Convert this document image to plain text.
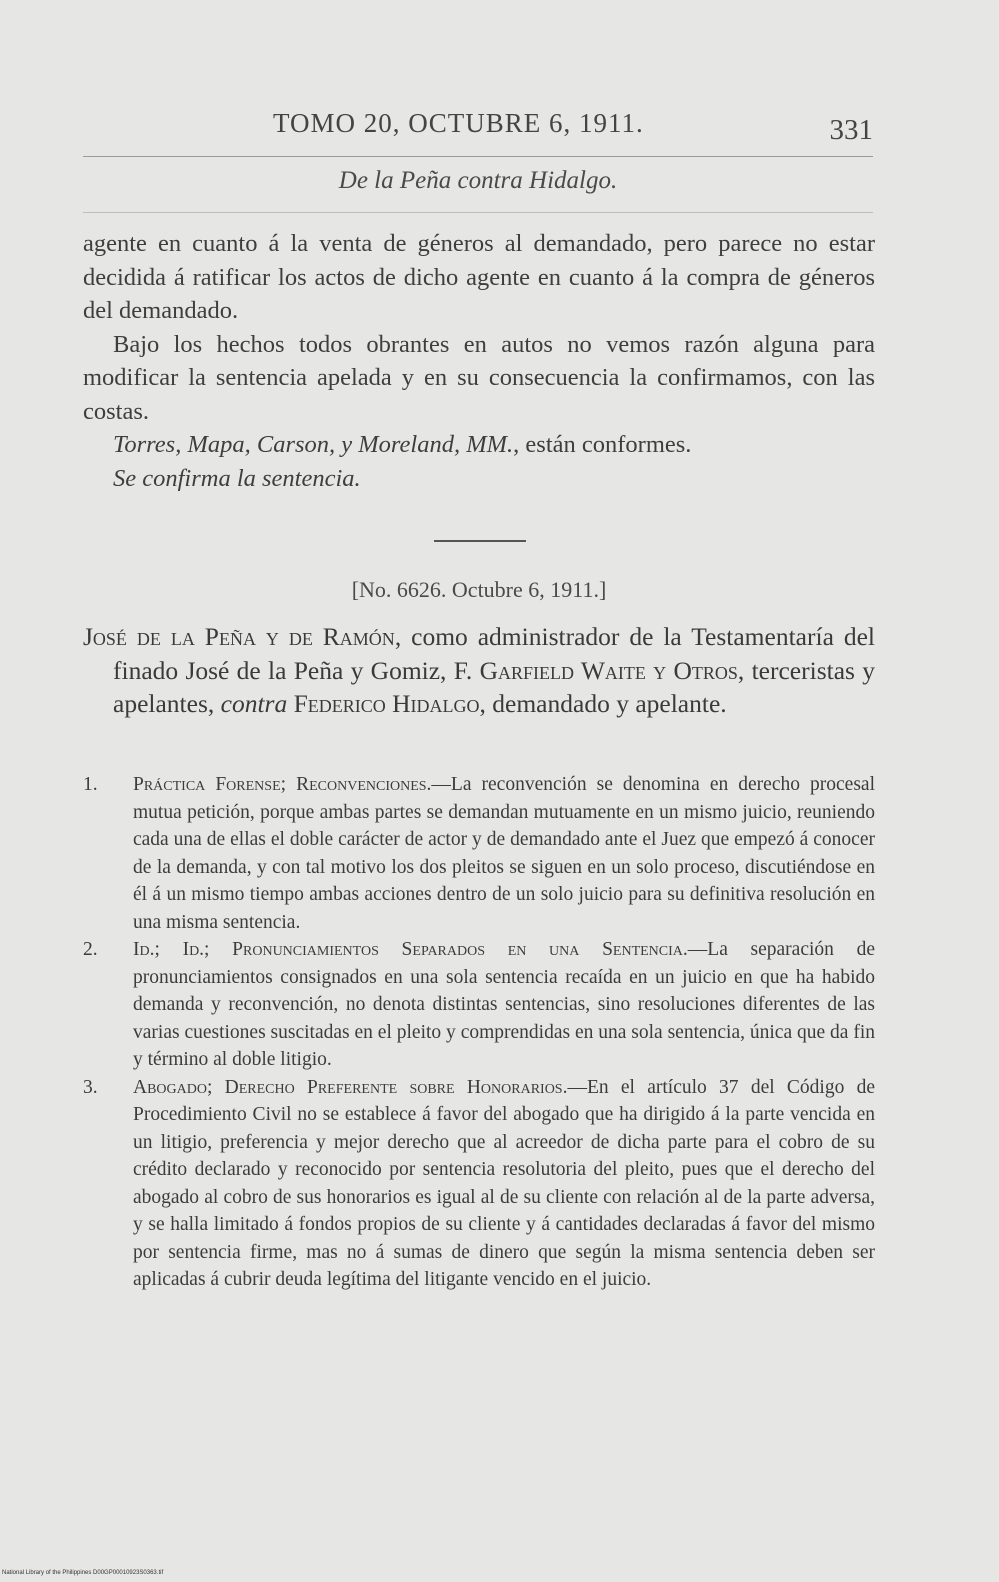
TOMO 20, OCTUBRE 6, 1911.	331
De la Peña contra Hidalgo.

agente en cuanto á la venta de géneros al demandado, pero parece no estar decidida á ratificar los actos de dicho agente en cuanto á la compra de géneros del demandado.

Bajo los hechos todos obrantes en autos no vemos razón alguna para modificar la sentencia apelada y en su consecuencia la confirmamos, con las costas.

Torres, Mapa, Carson, y Moreland, MM., están conformes.

Se confirma la sentencia.

[No. 6626. Octubre 6, 1911.]
José de la Peña y de Ramón, como administrador de la Testamentaría del finado José de la Peña y Gomiz, F. Garfield Waite y Otros, terceristas y apelantes, contra Federico Hidalgo, demandado y apelante.
1. Práctica Forense; Reconvenciones.—La reconvención se denomina en derecho procesal mutua petición, porque ambas partes se demandan mutuamente en un mismo juicio, reuniendo cada una de ellas el doble carácter de actor y de demandado ante el Juez que empezó á conocer de la demanda, y con tal motivo los dos pleitos se siguen en un solo proceso, discutiéndose en él á un mismo tiempo ambas acciones dentro de un solo juicio para su definitiva resolución en una misma sentencia.
2. Id.; Id.; Pronunciamientos Separados en una Sentencia.—La separación de pronunciamientos consignados en una sola sentencia recaída en un juicio en que ha habido demanda y reconvención, no denota distintas sentencias, sino resoluciones diferentes de las varias cuestiones suscitadas en el pleito y comprendidas en una sola sentencia, única que da fin y término al doble litigio.
3. Abogado; Derecho Preferente sobre Honorarios.—En el artículo 37 del Código de Procedimiento Civil no se establece á favor del abogado que ha dirigido á la parte vencida en un litigio, preferencia y mejor derecho que al acreedor de dicha parte para el cobro de su crédito declarado y reconocido por sentencia resolutoria del pleito, pues que el derecho del abogado al cobro de sus honorarios es igual al de su cliente con relación al de la parte adversa, y se halla limitado á fondos propios de su cliente y á cantidades declaradas á favor del mismo por sentencia firme, mas no á sumas de dinero que según la misma sentencia deben ser aplicadas á cubrir deuda legítima del litigante vencido en el juicio.
National Library of the Philippines D00GP00010923S0363.tif
